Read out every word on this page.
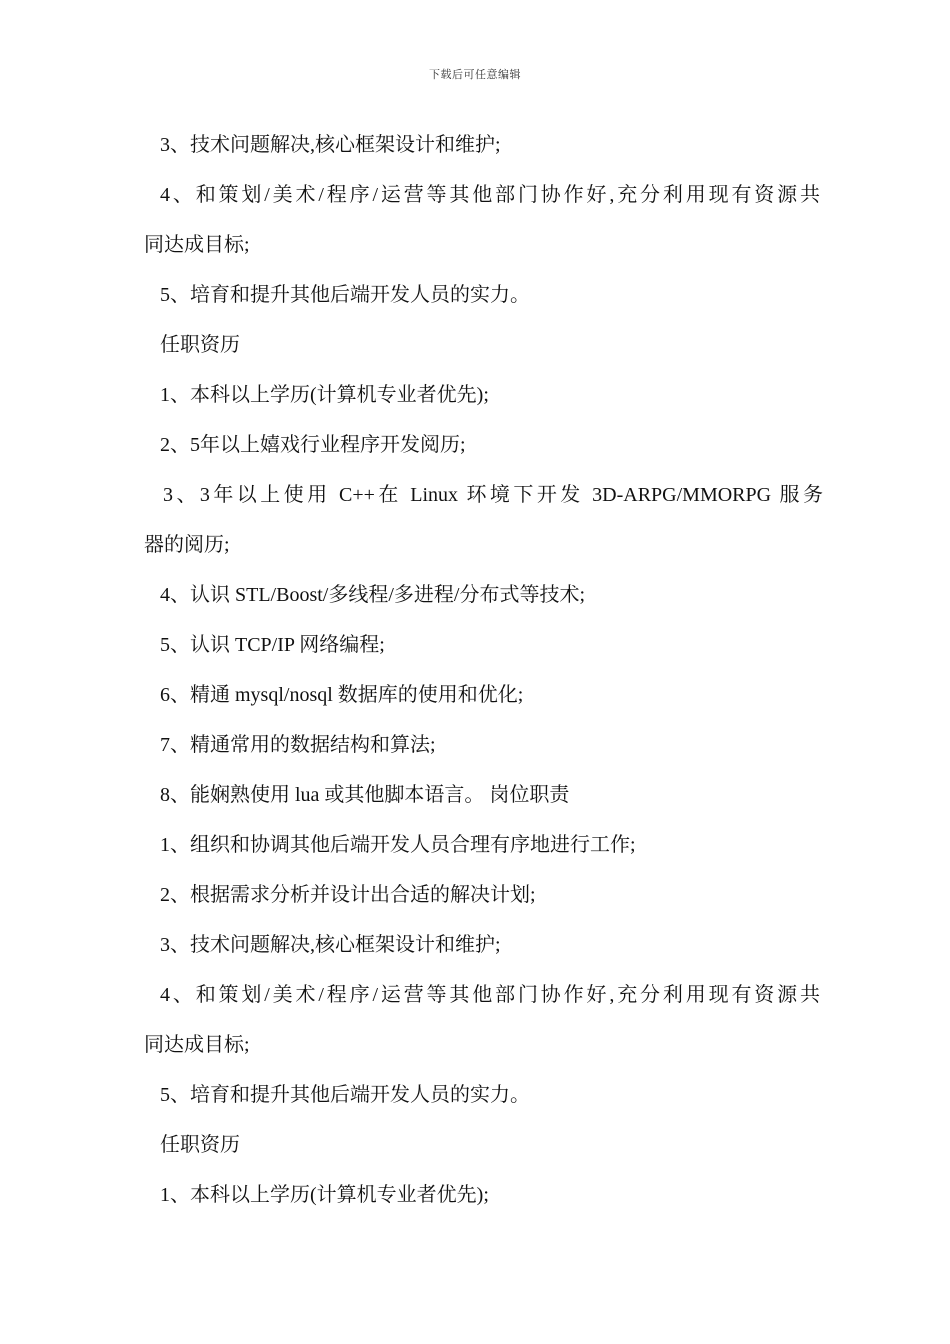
下载后可任意编辑

3、技术问题解决,核心框架设计和维护;

4、和策划/美术/程序/运营等其他部门协作好,充分利用现有资源共

同达成目标;

5、培育和提升其他后端开发人员的实力。

任职资历

1、本科以上学历(计算机专业者优先);

2、5年以上嬉戏行业程序开发阅历;

3、3年以上使用 C++在 Linux 环境下开发 3D-ARPG/MMORPG 服务

器的阅历;

4、认识 STL/Boost/多线程/多进程/分布式等技术;

5、认识 TCP/IP 网络编程;

6、精通 mysql/nosql 数据库的使用和优化;

7、精通常用的数据结构和算法;

8、能娴熟使用 lua 或其他脚本语言。 岗位职责

1、组织和协调其他后端开发人员合理有序地进行工作;

2、根据需求分析并设计出合适的解决计划;

3、技术问题解决,核心框架设计和维护;

4、和策划/美术/程序/运营等其他部门协作好,充分利用现有资源共

同达成目标;

5、培育和提升其他后端开发人员的实力。

任职资历

1、本科以上学历(计算机专业者优先);
